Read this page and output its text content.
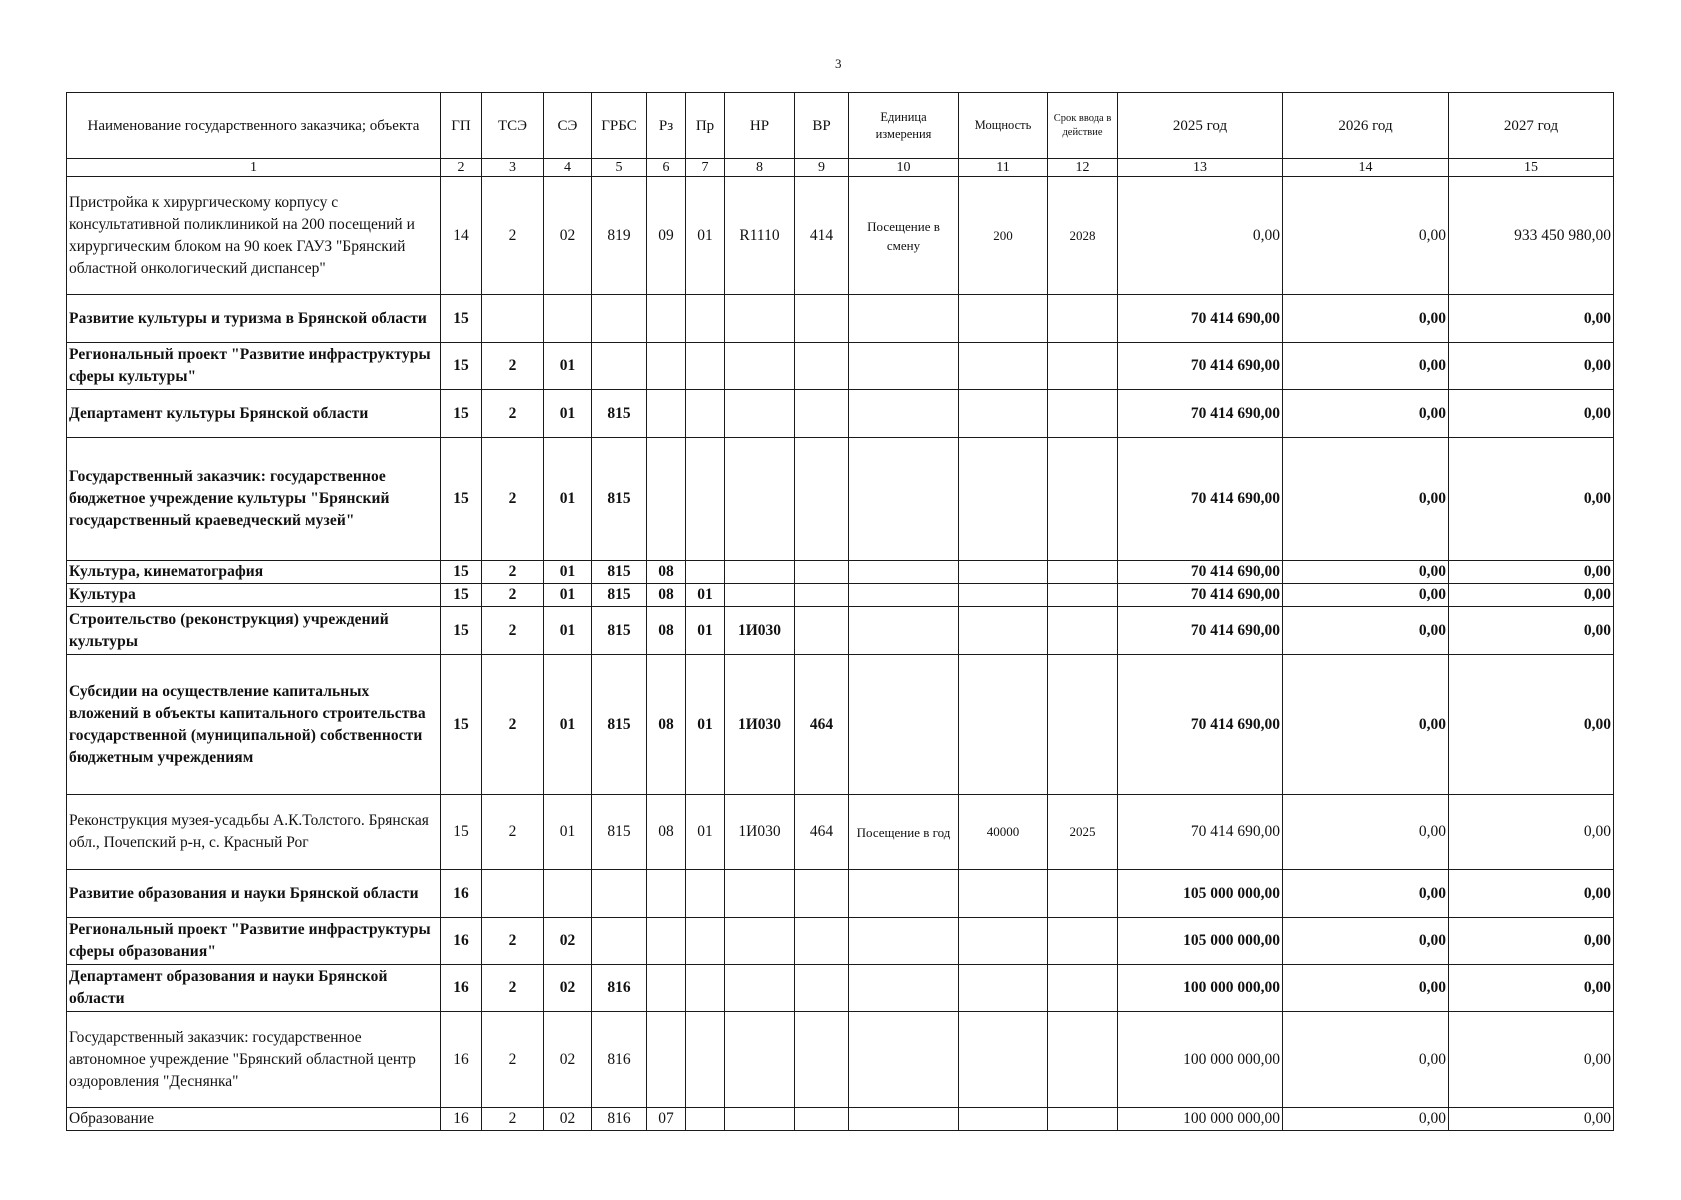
3
Наименование государственного заказчика; объекта	ГП	ТСЭ	СЭ	ГРБС	Рз	Пр	НР	ВР	Единица измерения	Мощность	Срок ввода в действие	2025 год	2026 год	2027 год
1	2	3	4	5	6	7	8	9	10	11	12	13	14	15
Пристройка к хирургическому корпусу с консультативной поликлиникой на 200 посещений и хирургическим блоком на 90 коек ГАУЗ "Брянский областной онкологический диспансер"	14	2	02	819	09	01	R1110	414	Посещение в смену	200	2028	0,00	0,00	933 450 980,00
Развитие культуры и туризма в Брянской области	15											70 414 690,00	0,00	0,00
Региональный проект "Развитие инфраструктуры сферы культуры"	15	2	01									70 414 690,00	0,00	0,00
Департамент культуры Брянской области	15	2	01	815								70 414 690,00	0,00	0,00
Государственный заказчик: государственное бюджетное учреждение культуры "Брянский государственный краеведческий музей"	15	2	01	815								70 414 690,00	0,00	0,00
Культура, кинематография	15	2	01	815	08							70 414 690,00	0,00	0,00
Культура	15	2	01	815	08	01						70 414 690,00	0,00	0,00
Строительство (реконструкция) учреждений культуры	15	2	01	815	08	01	1И030					70 414 690,00	0,00	0,00
Субсидии на осуществление капитальных вложений в объекты капитального строительства государственной (муниципальной) собственности бюджетным учреждениям	15	2	01	815	08	01	1И030	464				70 414 690,00	0,00	0,00
Реконструкция музея-усадьбы А.К.Толстого. Брянская обл., Почепский р-н, с. Красный Рог	15	2	01	815	08	01	1И030	464	Посещение в год	40000	2025	70 414 690,00	0,00	0,00
Развитие образования и науки Брянской области	16											105 000 000,00	0,00	0,00
Региональный проект "Развитие инфраструктуры сферы образования"	16	2	02									105 000 000,00	0,00	0,00
Департамент образования и науки Брянской области	16	2	02	816								100 000 000,00	0,00	0,00
Государственный заказчик: государственное автономное учреждение "Брянский областной центр оздоровления "Деснянка"	16	2	02	816								100 000 000,00	0,00	0,00
Образование	16	2	02	816	07							100 000 000,00	0,00	0,00
